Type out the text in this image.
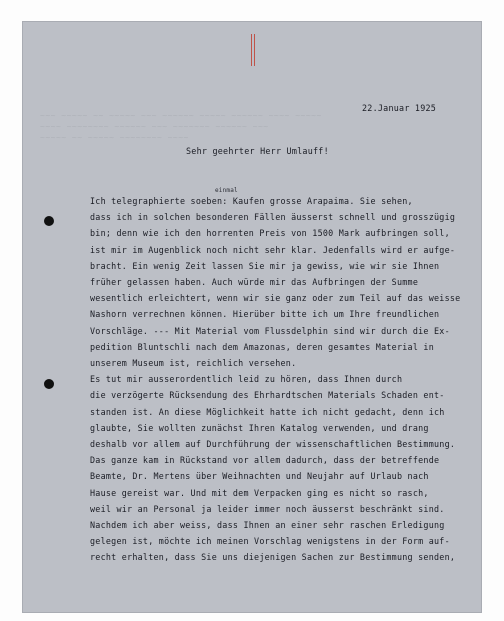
~~~ ~~~~~ ~~ ~~~~~ ~~~ ~~~~~~ ~~~~~ ~~~~~~ ~~~~ ~~~~~
~~~~ ~~~~~~~~ ~~~~~~ ~~~ ~~~~~~~ ~~~~~~ ~~~
~~~~~ ~~ ~~~~~ ~~~~~~~~ ~~~~
22.Januar 1925
Sehr geehrter Herr Umlauff!
einmal
Ich telegraphierte soeben: Kaufen grosse Arapaima. Sie sehen,
dass ich in solchen besonderen Fällen äusserst schnell und grosszügig
bin; denn wie ich den horrenten Preis von 1500 Mark aufbringen soll,
ist mir im Augenblick noch nicht sehr klar. Jedenfalls wird er aufge-
bracht. Ein wenig Zeit lassen Sie mir ja gewiss, wie wir sie Ihnen
früher gelassen haben. Auch würde mir das Aufbringen der Summe
wesentlich erleichtert, wenn wir sie ganz oder zum Teil auf das weisse
Nashorn verrechnen können. Hierüber bitte ich um Ihre freundlichen
Vorschläge. --- Mit Material vom Flussdelphin sind wir durch die Ex-
pedition Bluntschli nach dem Amazonas, deren gesamtes Material in
unserem Museum ist, reichlich versehen.
Es tut mir ausserordentlich leid zu hören, dass Ihnen durch
die verzögerte Rücksendung des Ehrhardtschen Materials Schaden ent-
standen ist. An diese Möglichkeit hatte ich nicht gedacht, denn ich
glaubte, Sie wollten zunächst Ihren Katalog verwenden, und drang
deshalb vor allem auf Durchführung der wissenschaftlichen Bestimmung.
Das ganze kam in Rückstand vor allem dadurch, dass der betreffende
Beamte, Dr. Mertens über Weihnachten und Neujahr auf Urlaub nach
Hause gereist war. Und mit dem Verpacken ging es nicht so rasch,
weil wir an Personal ja leider immer noch äusserst beschränkt sind.
Nachdem ich aber weiss, dass Ihnen an einer sehr raschen Erledigung
gelegen ist, möchte ich meinen Vorschlag wenigstens in der Form auf-
recht erhalten, dass Sie uns diejenigen Sachen zur Bestimmung senden,
